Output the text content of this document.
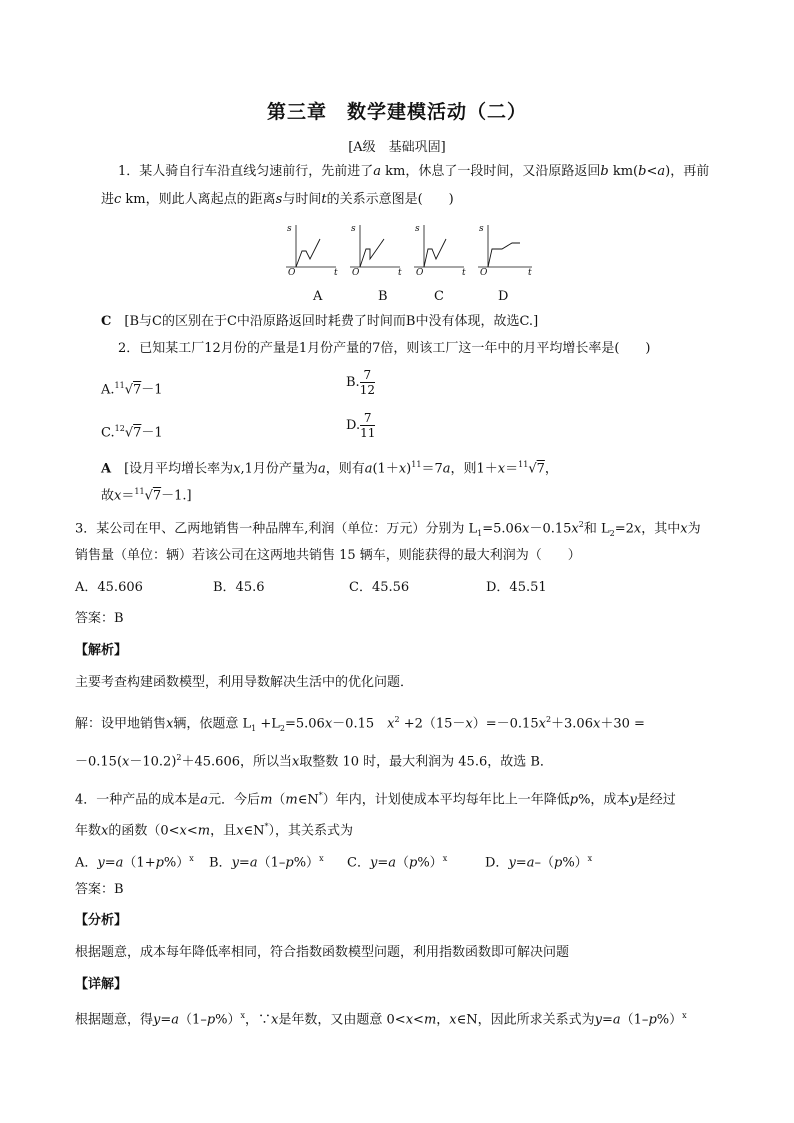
第三章　数学建模活动（二）
[A级　基础巩固]
1．某人骑自行车沿直线匀速前行，先前进了a km，休息了一段时间，又沿原路返回b km(b<a)，再前
进c km，则此人离起点的距离s与时间t的关系示意图是(　　)
s
O	t
s
O	t
s
O	t
s
O	t
A	B	C	D
C　 [B与C的区别在于C中沿原路返回时耗费了时间而B中没有体现，故选C.]
2．已知某工厂12月份的产量是1月份产量的7倍，则该工厂这一年中的月平均增长率是(　　)
A.$^{11}$√7－1	B. $\frac{7}{12}$
C.$^{12}$√7－1	D. $\frac{7}{11}$
A　 [设月平均增长率为x,1月份产量为a，则有$a(1+x)^{11}=7a$，则1＋x＝$^{11}$√7，
故x＝$^{11}$√7－1.]
3．某公司在甲、乙两地销售一种品牌车,利润（单位：万元）分别为 $L_1=5.06x-0.15x^2$和 $L_2=2x$，其中x为
销售量（单位：辆）若该公司在这两地共销售 15 辆车，则能获得的最大利润为（　　）
A．45.606	B．45.6	C．45.56	D．45.51
答案：B
【解析】
主要考查构建函数模型，利用导数解决生活中的优化问题．
解：设甲地销售x辆，依题意 $L_1 +L_2=5.06x-0.15$　$x^2 +2(15-x)=-0.15x^2+3.06x+30$ =
$-0.15(x-10.2)^2+45.606$，所以当x取整数 10 时，最大利润为 45.6，故选 B．
4．一种产品的成本是a元．今后m（m∈N*）年内，计划使成本平均每年比上一年降低p%，成本y是经过
年数x的函数（0<x<m，且x∈N*），其关系式为
A．$y=a(1+p\%)^x$ B．$y=a(1-p\%)^x$ C．$y=a(p\%)^x$	D．$y=a-(p\%)^x$
答案：B
【分析】
根据题意，成本每年降低率相同，符合指数函数模型问题，利用指数函数即可解决问题
【详解】
根据题意，得$y=a(1-p\%)^x$，∵x是年数，又由题意 0<x<m，x∈N，因此所求关系式为$y=a(1-p\%)^x$
